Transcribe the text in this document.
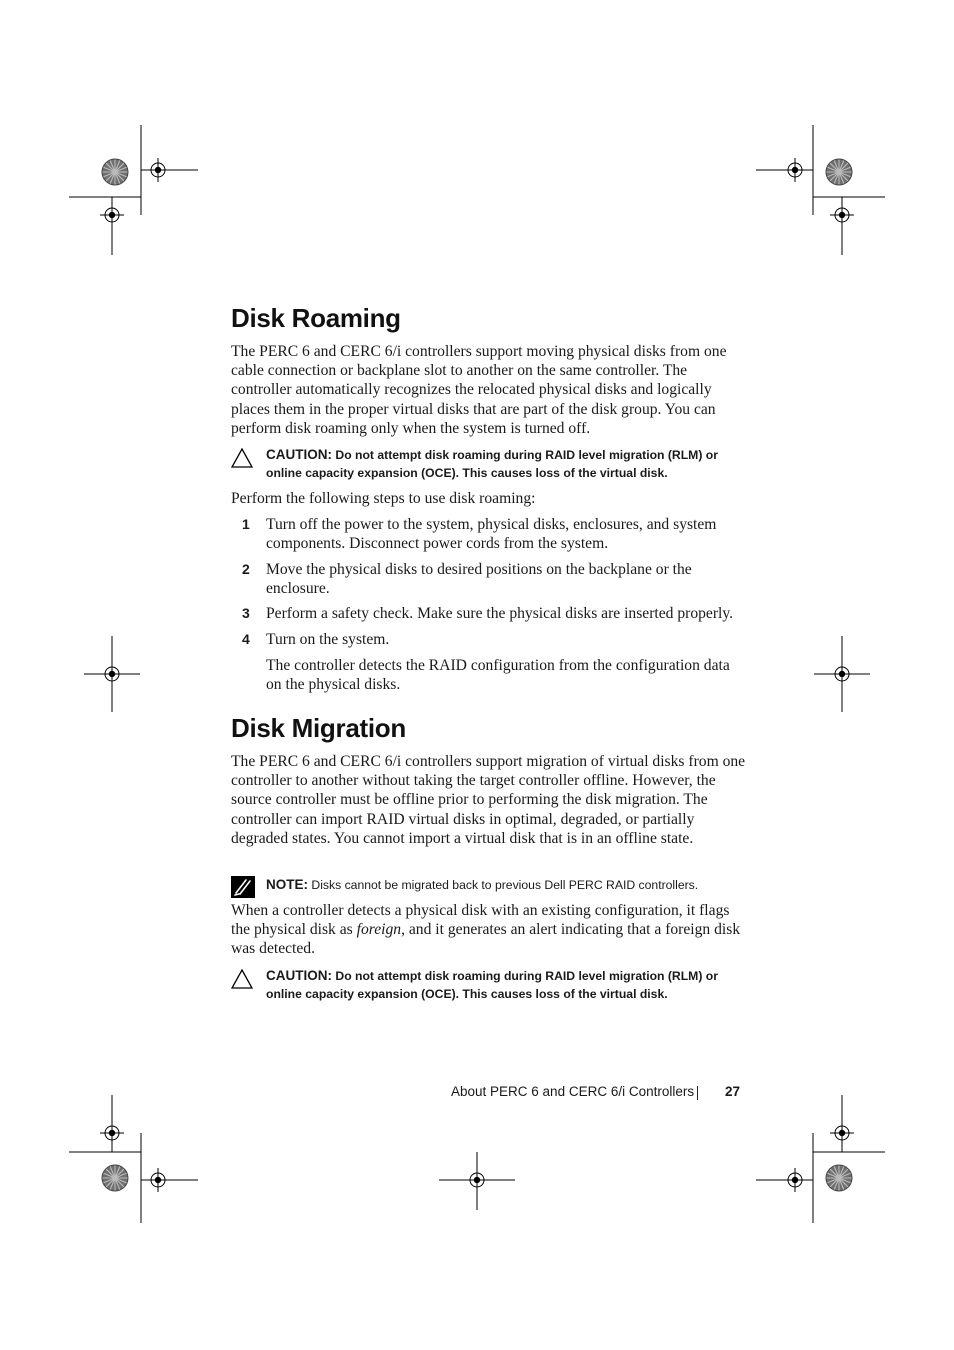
Disk Roaming

The PERC 6 and CERC 6/i controllers support moving physical disks from one cable connection or backplane slot to another on the same controller. The controller automatically recognizes the relocated physical disks and logically places them in the proper virtual disks that are part of the disk group. You can perform disk roaming only when the system is turned off.

CAUTION: Do not attempt disk roaming during RAID level migration (RLM) or online capacity expansion (OCE). This causes loss of the virtual disk.

Perform the following steps to use disk roaming:

1 Turn off the power to the system, physical disks, enclosures, and system components. Disconnect power cords from the system.
2 Move the physical disks to desired positions on the backplane or the enclosure.
3 Perform a safety check. Make sure the physical disks are inserted properly.
4 Turn on the system.
The controller detects the RAID configuration from the configuration data on the physical disks.
Disk Migration

The PERC 6 and CERC 6/i controllers support migration of virtual disks from one controller to another without taking the target controller offline. However, the source controller must be offline prior to performing the disk migration. The controller can import RAID virtual disks in optimal, degraded, or partially degraded states. You cannot import a virtual disk that is in an offline state.

NOTE: Disks cannot be migrated back to previous Dell PERC RAID controllers.

When a controller detects a physical disk with an existing configuration, it flags the physical disk as foreign, and it generates an alert indicating that a foreign disk was detected.

CAUTION: Do not attempt disk roaming during RAID level migration (RLM) or online capacity expansion (OCE). This causes loss of the virtual disk.
About PERC 6 and CERC 6/i Controllers 27
